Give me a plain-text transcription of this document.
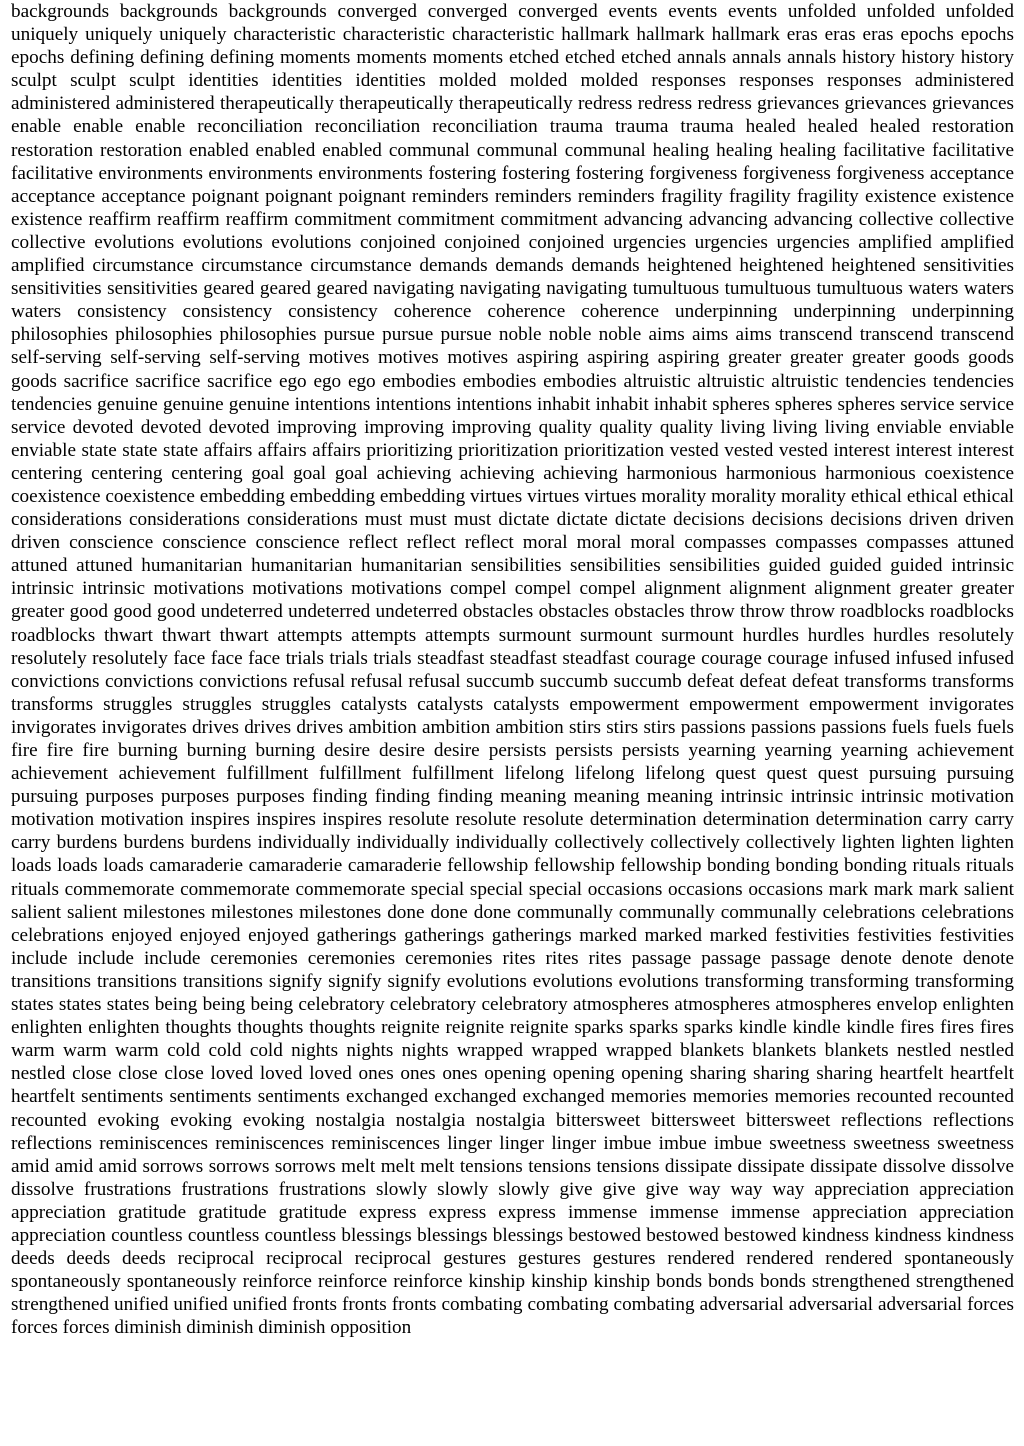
backgrounds backgrounds backgrounds converged converged converged events events events unfolded unfolded unfolded uniquely uniquely uniquely characteristic characteristic characteristic hallmark hallmark hallmark eras eras eras epochs epochs epochs defining defining defining moments moments moments etched etched etched annals annals annals history history history sculpt sculpt sculpt identities identities identities molded molded molded responses responses responses administered administered administered therapeutically therapeutically therapeutically redress redress redress grievances grievances grievances enable enable enable reconciliation reconciliation reconciliation trauma trauma trauma healed healed healed restoration restoration restoration enabled enabled enabled communal communal communal healing healing healing facilitative facilitative facilitative environments environments environments fostering fostering fostering forgiveness forgiveness forgiveness acceptance acceptance acceptance poignant poignant poignant reminders reminders reminders fragility fragility fragility existence existence existence reaffirm reaffirm reaffirm commitment commitment commitment advancing advancing advancing collective collective collective evolutions evolutions evolutions conjoined conjoined conjoined urgencies urgencies urgencies amplified amplified amplified circumstance circumstance circumstance demands demands demands heightened heightened heightened sensitivities sensitivities sensitivities geared geared geared navigating navigating navigating tumultuous tumultuous tumultuous waters waters waters consistency consistency consistency coherence coherence coherence underpinning underpinning underpinning philosophies philosophies philosophies pursue pursue pursue noble noble noble aims aims aims transcend transcend transcend self-serving self-serving self-serving motives motives motives aspiring aspiring aspiring greater greater greater goods goods goods sacrifice sacrifice sacrifice ego ego ego embodies embodies embodies altruistic altruistic altruistic tendencies tendencies tendencies genuine genuine genuine intentions intentions intentions inhabit inhabit inhabit spheres spheres spheres service service service devoted devoted devoted improving improving improving quality quality quality living living living enviable enviable enviable state state state affairs affairs affairs prioritizing prioritization prioritization vested vested vested interest interest interest centering centering centering goal goal goal achieving achieving achieving harmonious harmonious harmonious coexistence coexistence coexistence embedding embedding embedding virtues virtues virtues morality morality morality ethical ethical ethical considerations considerations considerations must must must dictate dictate dictate decisions decisions decisions driven driven driven conscience conscience conscience reflect reflect reflect moral moral moral compasses compasses compasses attuned attuned attuned humanitarian humanitarian humanitarian sensibilities sensibilities sensibilities guided guided guided intrinsic intrinsic intrinsic motivations motivations motivations compel compel compel alignment alignment alignment greater greater greater good good good undeterred undeterred undeterred obstacles obstacles obstacles throw throw throw roadblocks roadblocks roadblocks thwart thwart thwart attempts attempts attempts surmount surmount surmount hurdles hurdles hurdles resolutely resolutely resolutely face face face trials trials trials steadfast steadfast steadfast courage courage courage infused infused infused convictions convictions convictions refusal refusal refusal succumb succumb succumb defeat defeat defeat transforms transforms transforms struggles struggles struggles catalysts catalysts catalysts empowerment empowerment empowerment invigorates invigorates invigorates drives drives drives ambition ambition ambition stirs stirs stirs passions passions passions fuels fuels fuels fire fire fire burning burning burning desire desire desire persists persists persists yearning yearning yearning achievement achievement achievement fulfillment fulfillment fulfillment lifelong lifelong lifelong quest quest quest pursuing pursuing pursuing purposes purposes purposes finding finding finding meaning meaning meaning intrinsic intrinsic intrinsic motivation motivation motivation inspires inspires inspires resolute resolute resolute determination determination determination carry carry carry burdens burdens burdens individually individually individually collectively collectively collectively lighten lighten lighten loads loads loads camaraderie camaraderie camaraderie fellowship fellowship fellowship bonding bonding bonding rituals rituals rituals commemorate commemorate commemorate special special special occasions occasions occasions mark mark mark salient salient salient milestones milestones milestones done done done communally communally communally celebrations celebrations celebrations enjoyed enjoyed enjoyed gatherings gatherings gatherings marked marked marked festivities festivities festivities include include include ceremonies ceremonies ceremonies rites rites rites passage passage passage denote denote denote transitions transitions transitions signify signify signify evolutions evolutions evolutions transforming transforming transforming states states states being being being celebratory celebratory celebratory atmospheres atmospheres atmospheres envelop enlighten enlighten enlighten thoughts thoughts thoughts reignite reignite reignite sparks sparks sparks kindle kindle kindle fires fires fires warm warm warm cold cold cold nights nights nights wrapped wrapped wrapped blankets blankets blankets nestled nestled nestled close close close loved loved loved ones ones ones opening opening opening sharing sharing sharing heartfelt heartfelt heartfelt sentiments sentiments sentiments exchanged exchanged exchanged memories memories memories recounted recounted recounted evoking evoking evoking nostalgia nostalgia nostalgia bittersweet bittersweet bittersweet reflections reflections reflections reminiscences reminiscences reminiscences linger linger linger imbue imbue imbue sweetness sweetness sweetness amid amid amid sorrows sorrows sorrows melt melt melt tensions tensions tensions dissipate dissipate dissipate dissolve dissolve dissolve frustrations frustrations frustrations slowly slowly slowly give give give way way way appreciation appreciation appreciation gratitude gratitude gratitude express express express immense immense immense appreciation appreciation appreciation countless countless countless blessings blessings blessings bestowed bestowed bestowed kindness kindness kindness deeds deeds deeds reciprocal reciprocal reciprocal gestures gestures gestures rendered rendered rendered spontaneously spontaneously spontaneously reinforce reinforce reinforce kinship kinship kinship bonds bonds bonds strengthened strengthened strengthened unified unified unified fronts fronts fronts combating combating combating adversarial adversarial adversarial forces forces forces diminish diminish diminish opposition
